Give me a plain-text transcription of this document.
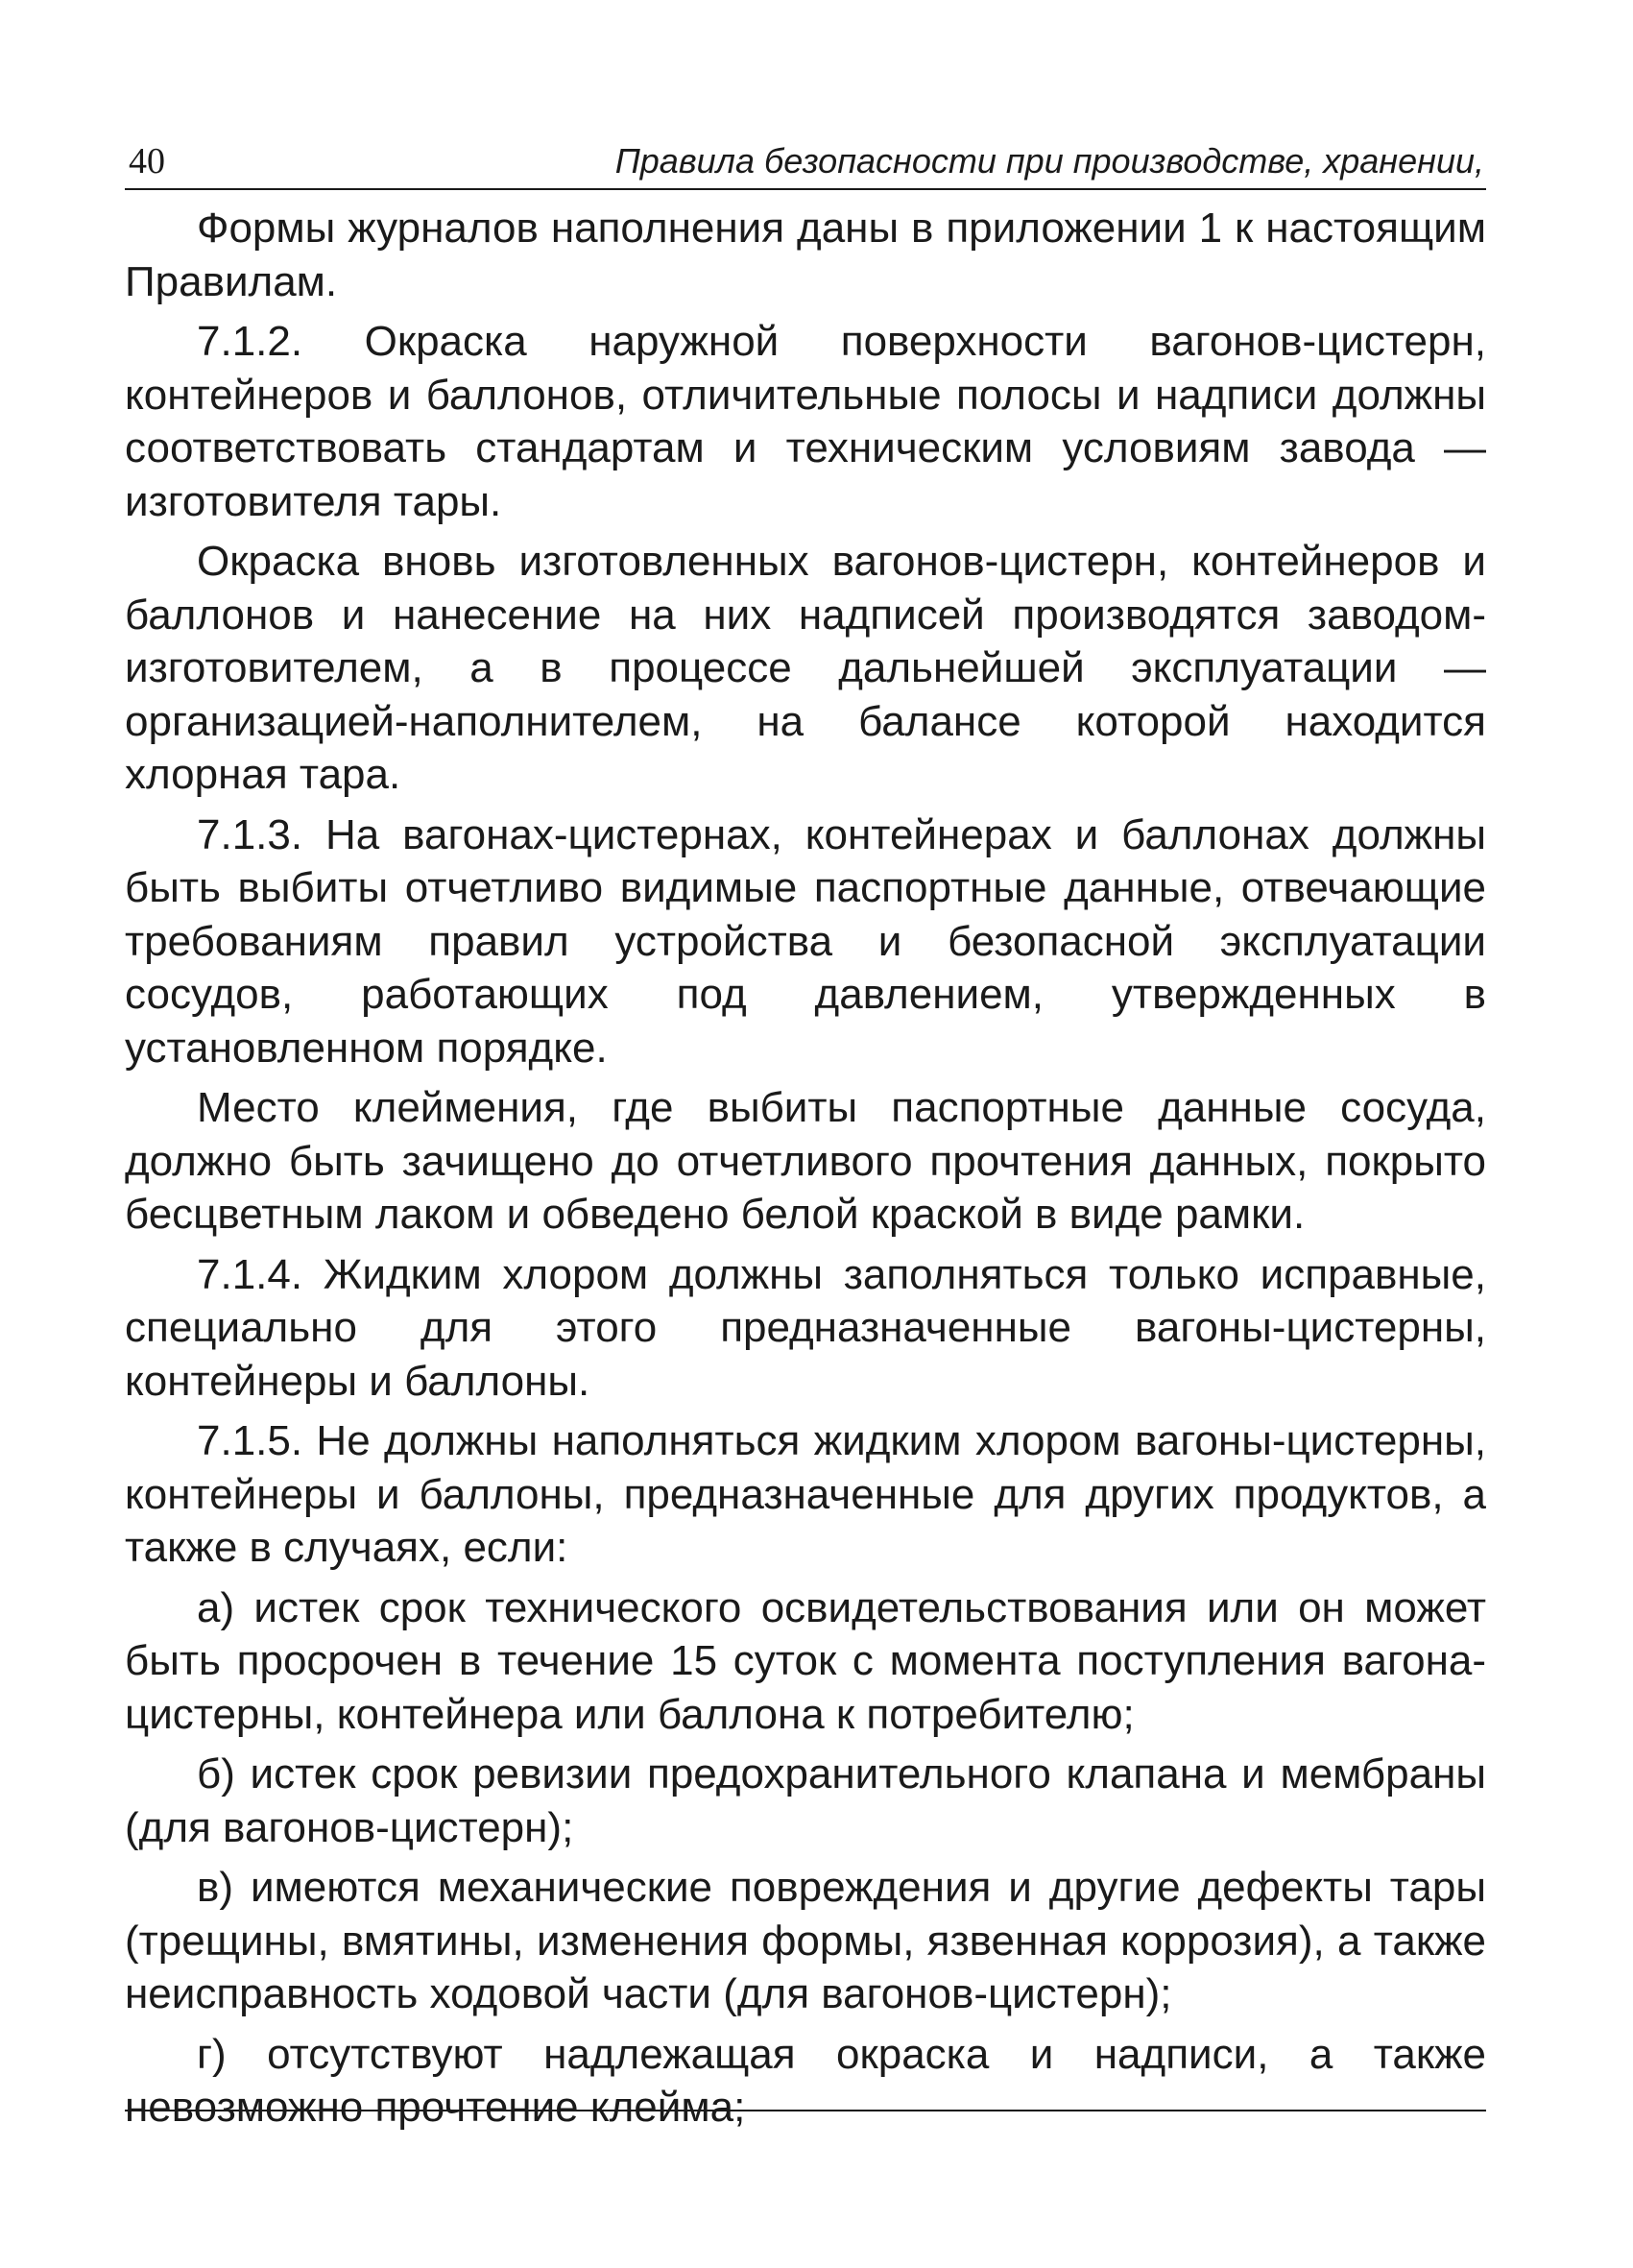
40	Правила безопасности при производстве, хранении,

Формы журналов наполнения даны в приложении 1 к настоящим Правилам.

7.1.2. Окраска наружной поверхности вагонов-цистерн, контейнеров и баллонов, отличительные полосы и надписи должны соответствовать стандартам и техническим условиям завода — изготовителя тары.

Окраска вновь изготовленных вагонов-цистерн, контейнеров и баллонов и нанесение на них надписей производятся заводом-изготовителем, а в процессе дальнейшей эксплуатации — организацией-наполнителем, на балансе которой находится хлорная тара.

7.1.3. На вагонах-цистернах, контейнерах и баллонах должны быть выбиты отчетливо видимые паспортные данные, отвечающие требованиям правил устройства и безопасной эксплуатации сосудов, работающих под давлением, утвержденных в установленном порядке.

Место клеймения, где выбиты паспортные данные сосуда, должно быть зачищено до отчетливого прочтения данных, покрыто бесцветным лаком и обведено белой краской в виде рамки.

7.1.4. Жидким хлором должны заполняться только исправные, специально для этого предназначенные вагоны-цистерны, контейнеры и баллоны.

7.1.5. Не должны наполняться жидким хлором вагоны-цистерны, контейнеры и баллоны, предназначенные для других продуктов, а также в случаях, если:

а) истек срок технического освидетельствования или он может быть просрочен в течение 15 суток с момента поступления вагона-цистерны, контейнера или баллона к потребителю;

б) истек срок ревизии предохранительного клапана и мембраны (для вагонов-цистерн);

в) имеются механические повреждения и другие дефекты тары (трещины, вмятины, изменения формы, язвенная коррозия), а также неисправность ходовой части (для вагонов-цистерн);

г) отсутствуют надлежащая окраска и надписи, а также невозможно прочтение клейма;
